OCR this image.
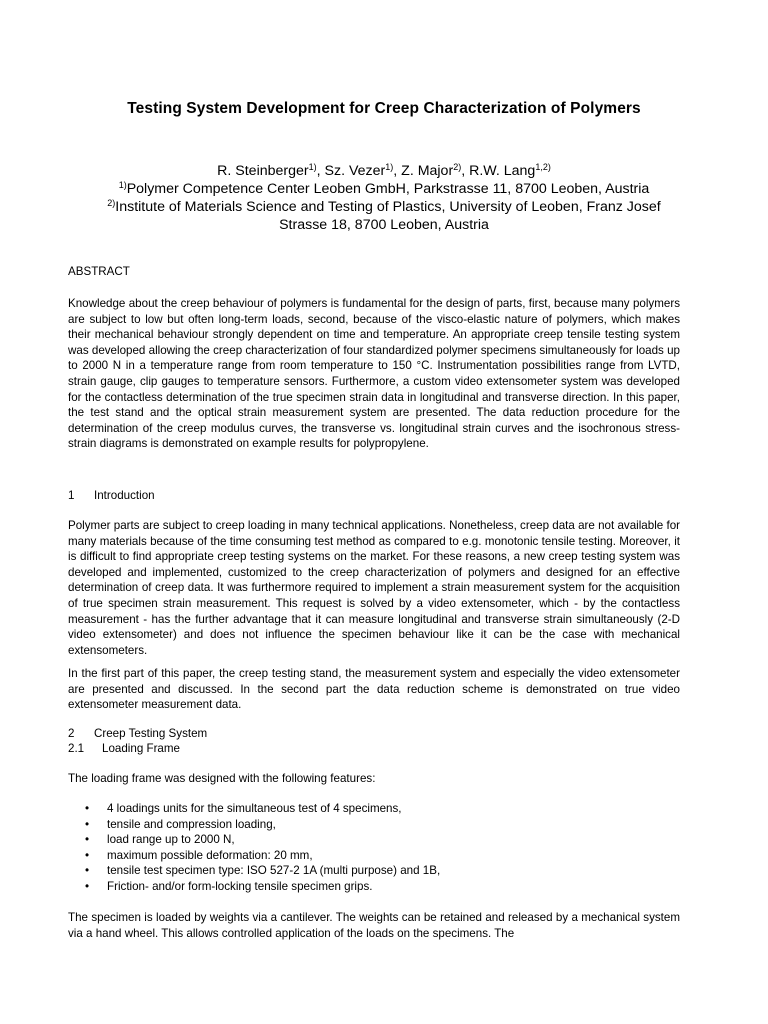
Testing System Development for Creep Characterization of Polymers
R. Steinberger$^{1)}$, Sz. Vezer$^{1)}$, Z. Major$^{2)}$, R.W. Lang$^{1,2)}$
$^{1)}$Polymer Competence Center Leoben GmbH, Parkstrasse 11, 8700 Leoben, Austria
$^{2)}$Institute of Materials Science and Testing of Plastics, University of Leoben, Franz Josef
Strasse 18, 8700 Leoben, Austria

ABSTRACT

Knowledge about the creep behaviour of polymers is fundamental for the design of parts, first, because many polymers are subject to low but often long-term loads, second, because of the visco-elastic nature of polymers, which makes their mechanical behaviour strongly dependent on time and temperature. An appropriate creep tensile testing system was developed allowing the creep characterization of four standardized polymer specimens simultaneously for loads up to 2000 N in a temperature range from room temperature to 150 °C. Instrumentation possibilities range from LVTD, strain gauge, clip gauges to temperature sensors. Furthermore, a custom video extensometer system was developed for the contactless determination of the true specimen strain data in longitudinal and transverse direction. In this paper, the test stand and the optical strain measurement system are presented. The data reduction procedure for the determination of the creep modulus curves, the transverse vs. longitudinal strain curves and the isochronous stress-strain diagrams is demonstrated on example results for polypropylene.

1 Introduction

Polymer parts are subject to creep loading in many technical applications. Nonetheless, creep data are not available for many materials because of the time consuming test method as compared to e.g. monotonic tensile testing. Moreover, it is difficult to find appropriate creep testing systems on the market. For these reasons, a new creep testing system was developed and implemented, customized to the creep characterization of polymers and designed for an effective determination of creep data. It was furthermore required to implement a strain measurement system for the acquisition of true specimen strain measurement. This request is solved by a video extensometer, which - by the contactless measurement - has the further advantage that it can measure longitudinal and transverse strain simultaneously (2-D video extensometer) and does not influence the specimen behaviour like it can be the case with mechanical extensometers.

In the first part of this paper, the creep testing stand, the measurement system and especially the video extensometer are presented and discussed. In the second part the data reduction scheme is demonstrated on true video extensometer measurement data.

2 Creep Testing System

2.1 Loading Frame

The loading frame was designed with the following features:

• 4 loadings units for the simultaneous test of 4 specimens,
• tensile and compression loading,
• load range up to 2000 N,
• maximum possible deformation: 20 mm,
• tensile test specimen type: ISO 527-2 1A (multi purpose) and 1B,
• Friction- and/or form-locking tensile specimen grips.

The specimen is loaded by weights via a cantilever. The weights can be retained and released by a mechanical system via a hand wheel. This allows controlled application of the loads on the specimens. The
